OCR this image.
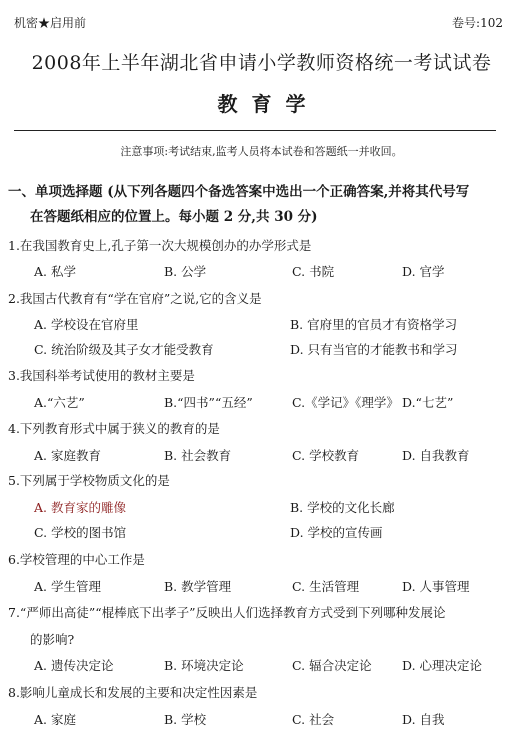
机密★启用前	卷号:102
2008年上半年湖北省申请小学教师资格统一考试试卷
教育学
注意事项:考试结束,监考人员将本试卷和答题纸一并收回。
一、单项选择题 (从下列各题四个备选答案中选出一个正确答案,并将其代号写
在答题纸相应的位置上。每小题 2 分,共 30 分)
1.在我国教育史上,孔子第一次大规模创办的办学形式是
A. 私学	B. 公学	C. 书院	D. 官学
2.我国古代教育有“学在官府”之说,它的含义是
A. 学校设在官府里	B. 官府里的官员才有资格学习
C. 统治阶级及其子女才能受教育	D. 只有当官的才能教书和学习
3.我国科举考试使用的教材主要是
A.“六艺”	B.“四书”“五经”	C.《学记》《理学》 D.“七艺”
4.下列教育形式中属于狭义的教育的是
A. 家庭教育	B. 社会教育	C. 学校教育	D. 自我教育
5.下列属于学校物质文化的是
A. 教育家的雕像	B. 学校的文化长廊
C. 学校的图书馆	D. 学校的宣传画
6.学校管理的中心工作是
A. 学生管理	B. 教学管理	C. 生活管理	D. 人事管理
7.“严师出高徒”“棍棒底下出孝子”反映出人们选择教育方式受到下列哪种发展论
的影响?
A. 遗传决定论	B. 环境决定论	C. 辐合决定论 D. 心理决定论
8.影响儿童成长和发展的主要和决定性因素是
A. 家庭	B. 学校	C. 社会	D. 自我
